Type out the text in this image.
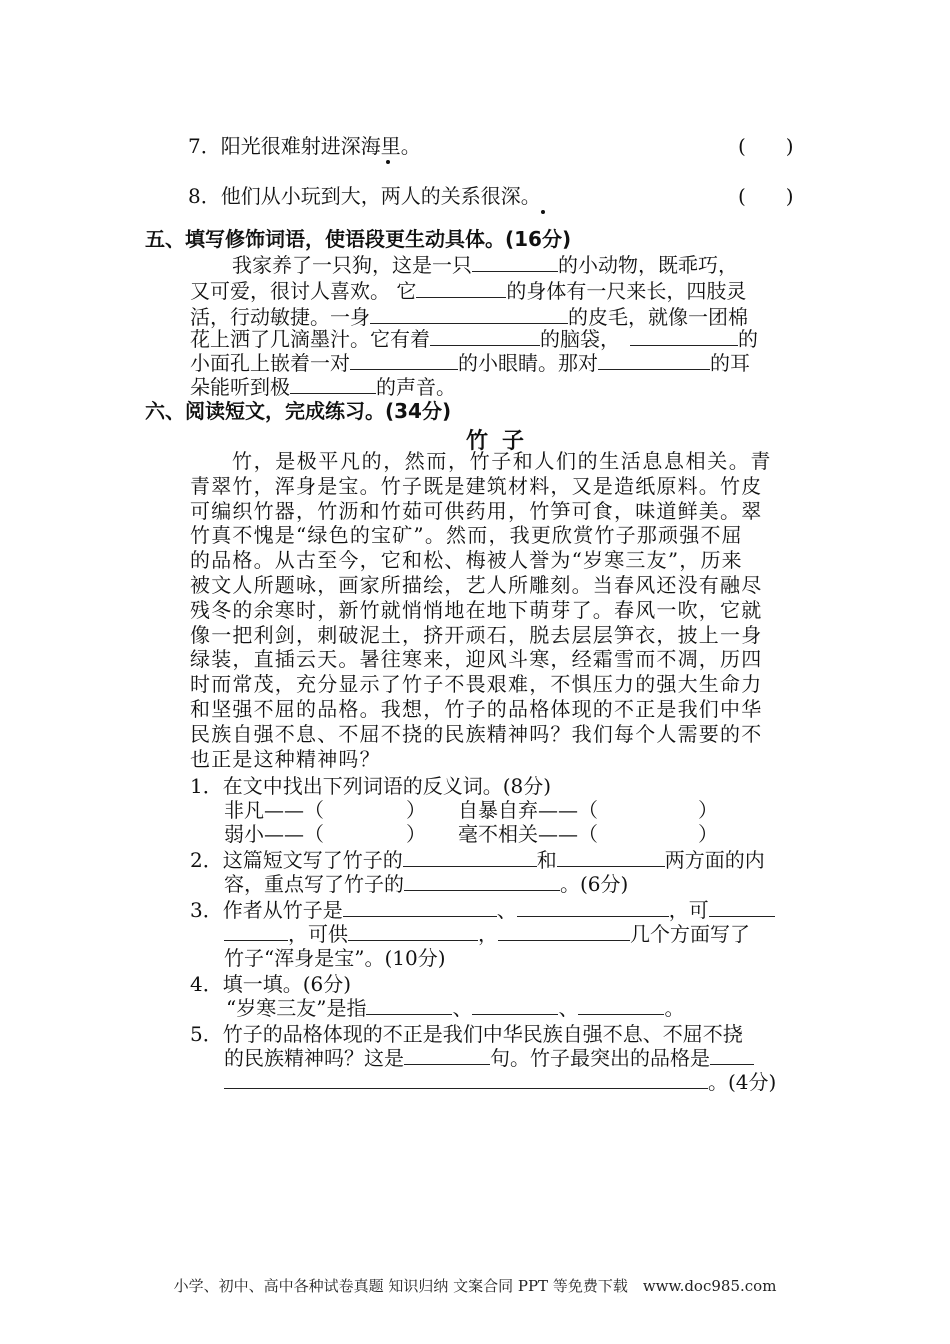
7．阳光很难射进深海里。	(　　)
8．他们从小玩到大，两人的关系很深。	(　　)
五、填写修饰词语，使语段更生动具体。(16分)
我家养了一只狗，这是一只	的小动物，既乖巧，
又可爱，很讨人喜欢。 它	的身体有一尺来长，四肢灵
活，行动敏捷。一身	的皮毛，就像一团棉
花上洒了几滴墨汁。它有着	的脑袋，	的
小面孔上嵌着一对	的小眼睛。那对	的耳
朵能听到极	的声音。
六、阅读短文，完成练习。(34分)
竹子
竹，是极平凡的，然而，竹子和人们的生活息息相关。青
青翠竹，浑身是宝。竹子既是建筑材料，又是造纸原料。竹皮
可编织竹器，竹沥和竹茹可供药用，竹笋可食，味道鲜美。翠
竹真不愧是“绿色的宝矿”。然而，我更欣赏竹子那顽强不屈
的品格。从古至今，它和松、梅被人誉为“岁寒三友”，历来
被文人所题咏，画家所描绘，艺人所雕刻。当春风还没有融尽
残冬的余寒时，新竹就悄悄地在地下萌芽了。春风一吹，它就
像一把利剑，刺破泥土，挤开顽石，脱去层层笋衣，披上一身
绿装，直插云天。暑往寒来，迎风斗寒，经霜雪而不凋，历四
时而常茂，充分显示了竹子不畏艰难，不惧压力的强大生命力
和坚强不屈的品格。我想，竹子的品格体现的不正是我们中华
民族自强不息、不屈不挠的民族精神吗？我们每个人需要的不
也正是这种精神吗？
1．在文中找出下列词语的反义词。(8分)
非凡——（	） 自暴自弃——（	）
弱小——（	） 毫不相关——（	）
2．这篇短文写了竹子的	和	两方面的内
容，重点写了竹子的	。(6分)
3．作者从竹子是	、	，可
，可供	，	几个方面写了
竹子“浑身是宝”。(10分)
4．填一填。(6分)
“岁寒三友”是指	、	、	。
5．竹子的品格体现的不正是我们中华民族自强不息、不屈不挠
的民族精神吗？这是	句。竹子最突出的品格是
。(4分)
小学、初中、高中各种试卷真题 知识归纳 文案合同 PPT 等免费下载　www.doc985.com
